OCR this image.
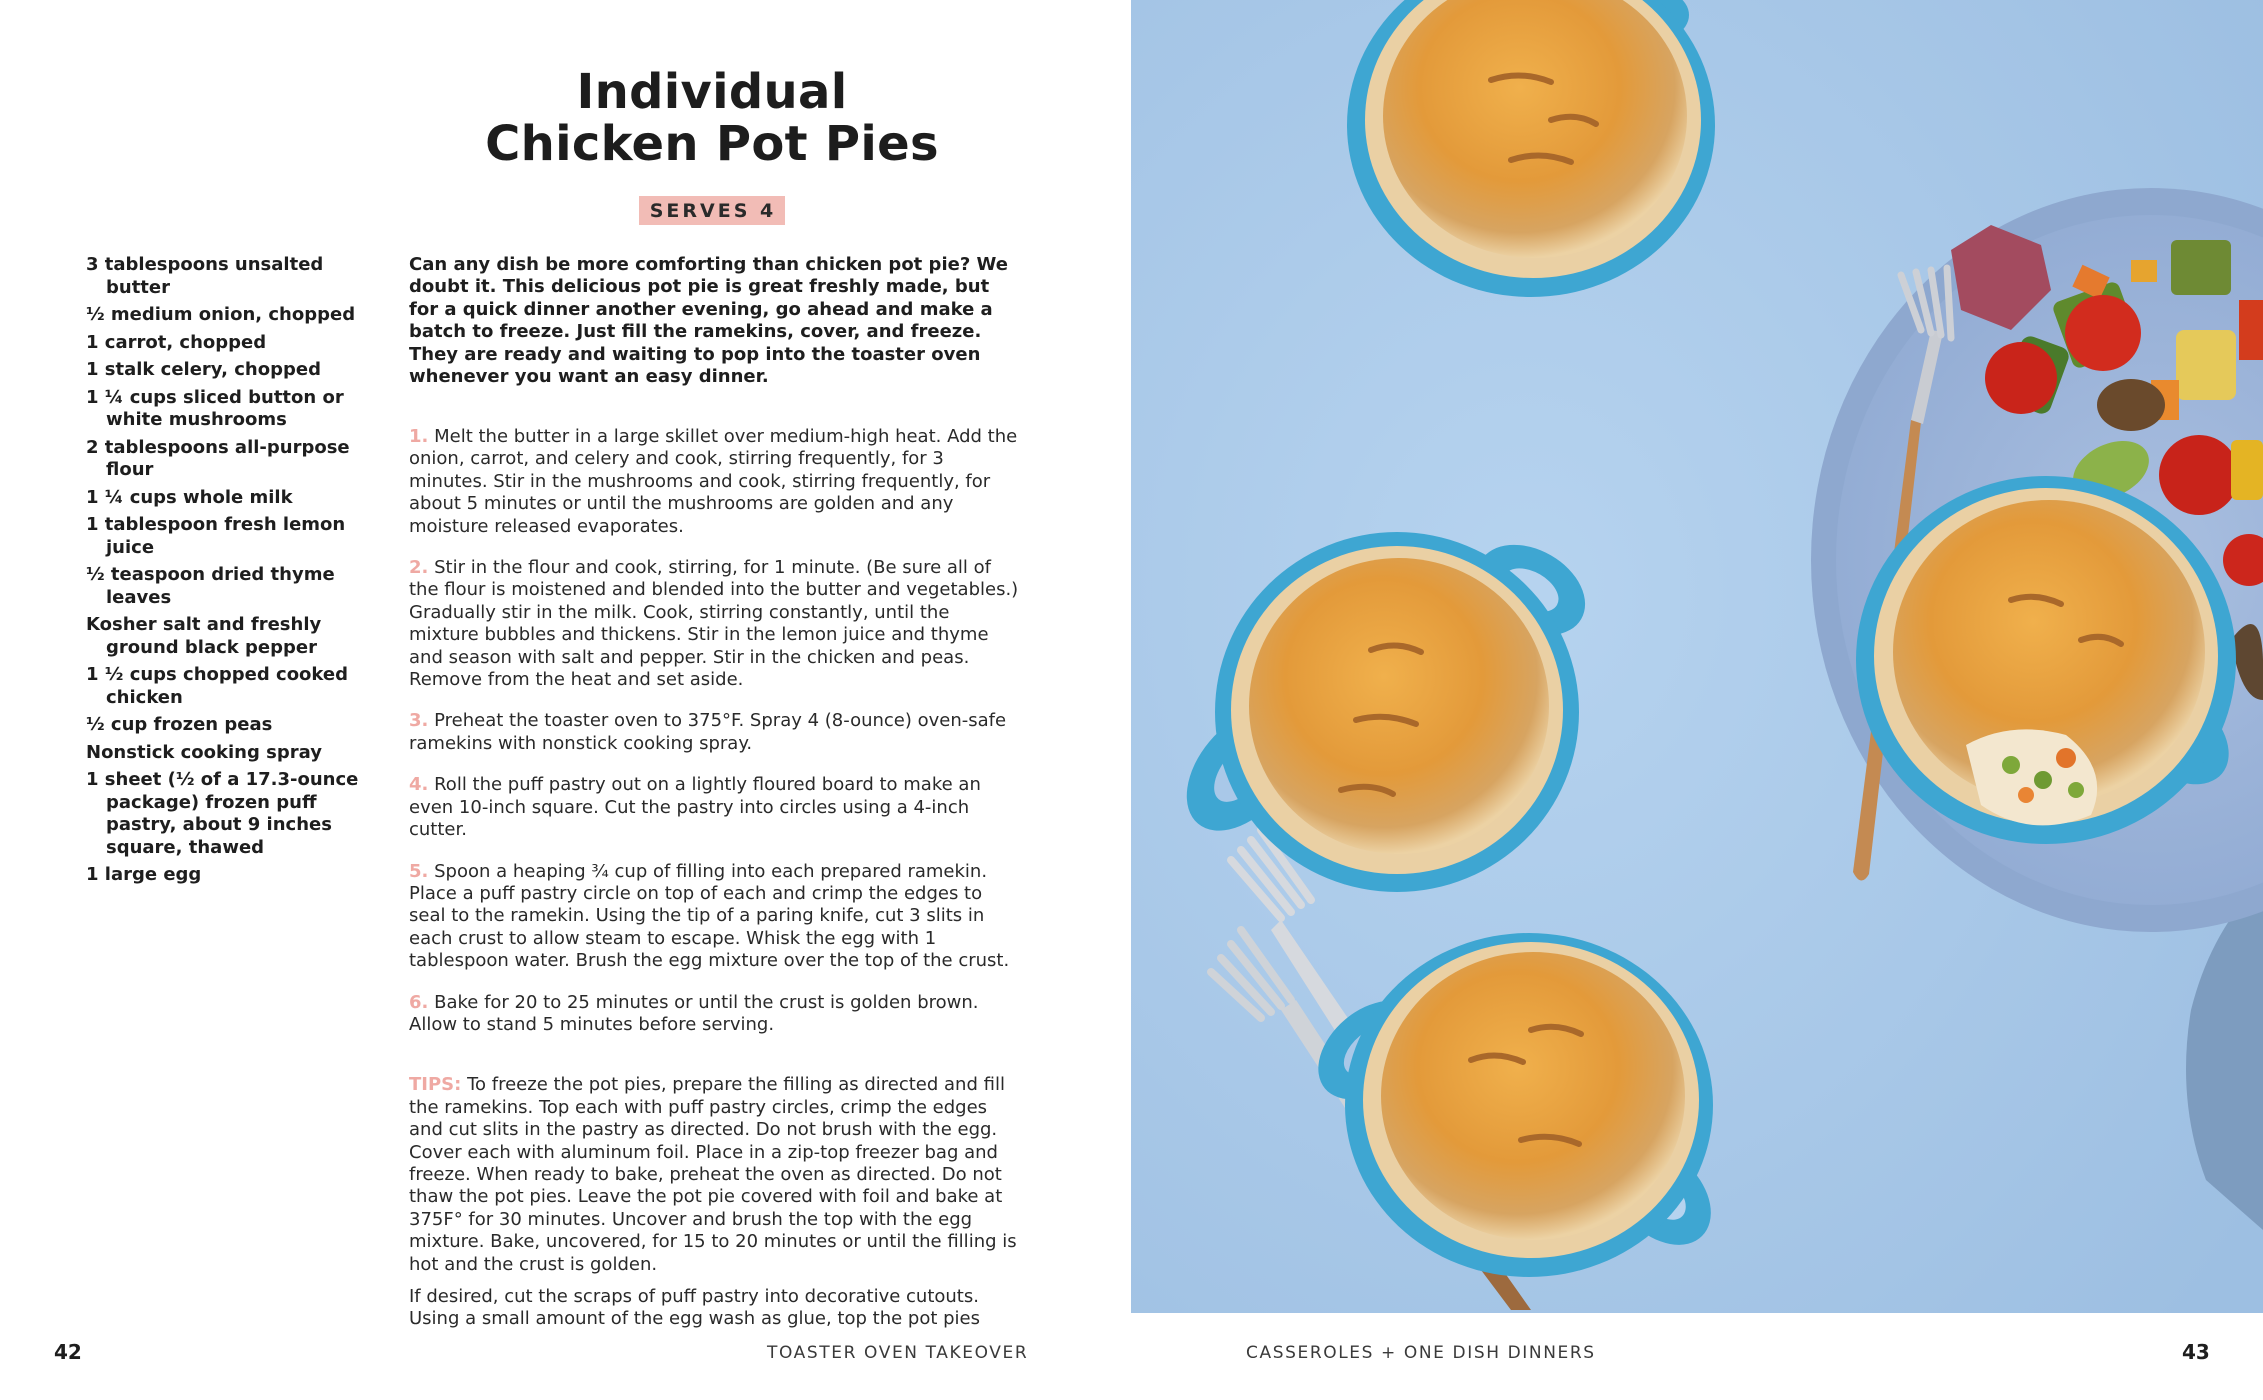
Individual
Chicken Pot Pies
SERVES 4
3 tablespoons unsalted butter
½ medium onion, chopped
1 carrot, chopped
1 stalk celery, chopped
1 ¼ cups sliced button or white mushrooms
2 tablespoons all-purpose flour
1 ¼ cups whole milk
1 tablespoon fresh lemon juice
½ teaspoon dried thyme leaves
Kosher salt and freshly ground black pepper
1 ½ cups chopped cooked chicken
½ cup frozen peas
Nonstick cooking spray
1 sheet (½ of a 17.3-ounce package) frozen puff pastry, about 9 inches square, thawed
1 large egg

Can any dish be more comforting than chicken pot pie? We doubt it. This delicious pot pie is great freshly made, but for a quick dinner another evening, go ahead and make a batch to freeze. Just fill the ramekins, cover, and freeze. They are ready and waiting to pop into the toaster oven whenever you want an easy dinner.

1. Melt the butter in a large skillet over medium-high heat. Add the onion, carrot, and celery and cook, stirring frequently, for 3 minutes. Stir in the mushrooms and cook, stirring frequently, for about 5 minutes or until the mushrooms are golden and any moisture released evaporates.

2. Stir in the flour and cook, stirring, for 1 minute. (Be sure all of the flour is moistened and blended into the butter and vegetables.) Gradually stir in the milk. Cook, stirring constantly, until the mixture bubbles and thickens. Stir in the lemon juice and thyme and season with salt and pepper. Stir in the chicken and peas. Remove from the heat and set aside.

3. Preheat the toaster oven to 375°F. Spray 4 (8-ounce) oven-safe ramekins with nonstick cooking spray.

4. Roll the puff pastry out on a lightly floured board to make an even 10-inch square. Cut the pastry into circles using a 4-inch cutter.

5. Spoon a heaping ¾ cup of filling into each prepared ramekin. Place a puff pastry circle on top of each and crimp the edges to seal to the ramekin. Using the tip of a paring knife, cut 3 slits in each crust to allow steam to escape. Whisk the egg with 1 tablespoon water. Brush the egg mixture over the top of the crust.

6. Bake for 20 to 25 minutes or until the crust is golden brown. Allow to stand 5 minutes before serving.

TIPS: To freeze the pot pies, prepare the filling as directed and fill the ramekins. Top each with puff pastry circles, crimp the edges and cut slits in the pastry as directed. Do not brush with the egg. Cover each with aluminum foil. Place in a zip-top freezer bag and freeze. When ready to bake, preheat the oven as directed. Do not thaw the pot pies. Leave the pot pie covered with foil and bake at 375F° for 30 minutes. Uncover and brush the top with the egg mixture. Bake, uncovered, for 15 to 20 minutes or until the filling is hot and the crust is golden.

If desired, cut the scraps of puff pastry into decorative cutouts. Using a small amount of the egg wash as glue, top the pot pies

42	TOASTER OVEN TAKEOVER	CASSEROLES + ONE DISH DINNERS	43
